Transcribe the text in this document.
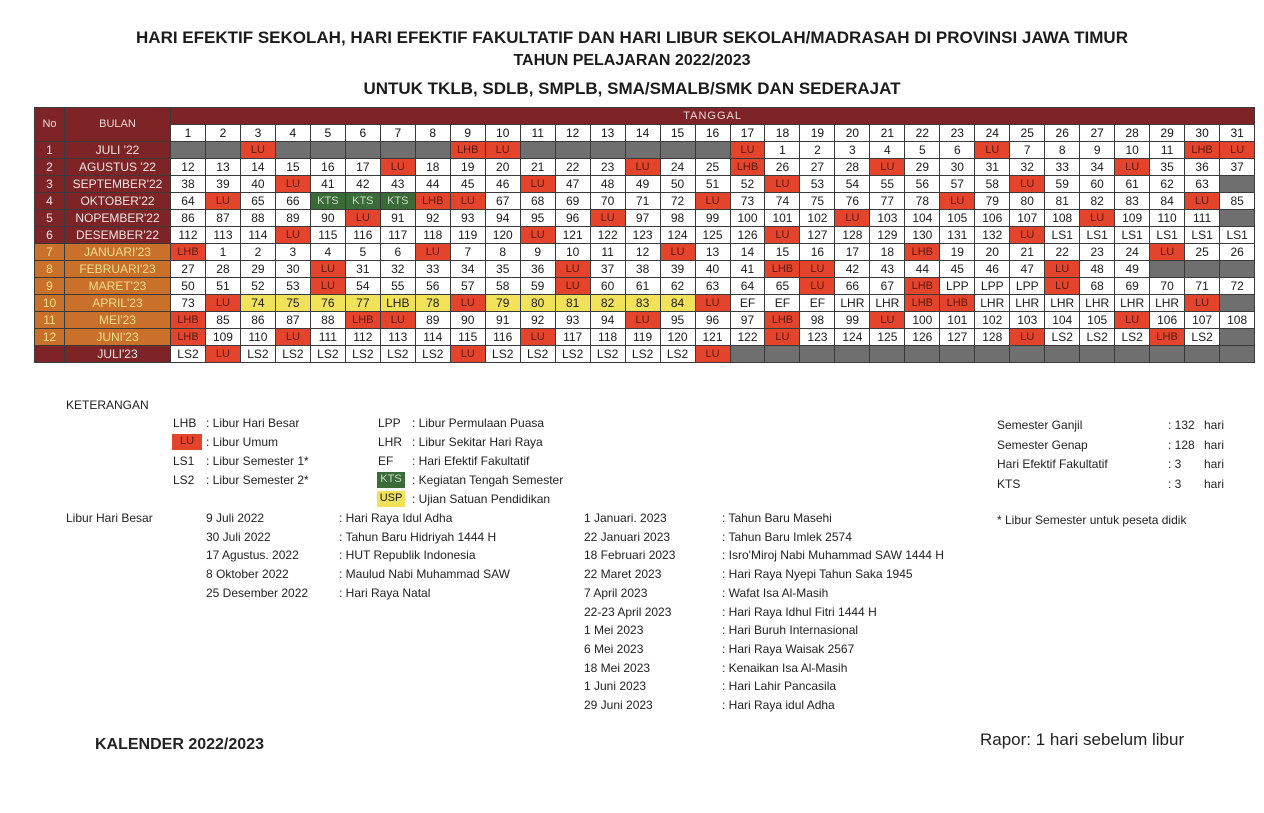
HARI EFEKTIF SEKOLAH, HARI EFEKTIF FAKULTATIF DAN HARI LIBUR SEKOLAH/MADRASAH DI PROVINSI JAWA TIMUR
TAHUN PELAJARAN 2022/2023
UNTUK TKLB, SDLB, SMPLB, SMA/SMALB/SMK DAN SEDERAJAT
No	BULAN	TANGGAL																														
		1	2	3	4	5	6	7	8	9	10	11	12	13	14	15	16	17	18	19	20	21	22	23	24	25	26	27	28	29	30	31
1	JULI '22			LU						LHB	LU							LU	1	2	3	4	5	6	LU	7	8	9	10	11	LHB	LU
2	AGUSTUS '22	12	13	14	15	16	17	LU	18	19	20	21	22	23	LU	24	25	LHB	26	27	28	LU	29	30	31	32	33	34	LU	35	36	37
3	SEPTEMBER'22	38	39	40	LU	41	42	43	44	45	46	LU	47	48	49	50	51	52	LU	53	54	55	56	57	58	LU	59	60	61	62	63	
4	OKTOBER'22	64	LU	65	66	KTS	KTS	KTS	LHB	LU	67	68	69	70	71	72	LU	73	74	75	76	77	78	LU	79	80	81	82	83	84	LU	85
5	NOPEMBER'22	86	87	88	89	90	LU	91	92	93	94	95	96	LU	97	98	99	100	101	102	LU	103	104	105	106	107	108	LU	109	110	111	
6	DESEMBER'22	112	113	114	LU	115	116	117	118	119	120	LU	121	122	123	124	125	126	LU	127	128	129	130	131	132	LU	LS1	LS1	LS1	LS1	LS1	LS1
7	JANUARI'23	LHB	1	2	3	4	5	6	LU	7	8	9	10	11	12	LU	13	14	15	16	17	18	LHB	19	20	21	22	23	24	LU	25	26
8	FEBRUARI'23	27	28	29	30	LU	31	32	33	34	35	36	LU	37	38	39	40	41	LHB	LU	42	43	44	45	46	47	LU	48	49			
9	MARET'23	50	51	52	53	LU	54	55	56	57	58	59	LU	60	61	62	63	64	65	LU	66	67	LHB	LPP	LPP	LPP	LU	68	69	70	71	72
10	APRIL'23	73	LU	74	75	76	77	LHB	78	LU	79	80	81	82	83	84	LU	EF	EF	EF	LHR	LHR	LHB	LHB	LHR	LHR	LHR	LHR	LHR	LHR	LU	
11	MEI'23	LHB	85	86	87	88	LHB	LU	89	90	91	92	93	94	LU	95	96	97	LHB	98	99	LU	100	101	102	103	104	105	LU	106	107	108
12	JUNI'23	LHB	109	110	LU	111	112	113	114	115	116	LU	117	118	119	120	121	122	LU	123	124	125	126	127	128	LU	LS2	LS2	LS2	LHB	LS2	
	JULI'23	LS2	LU	LS2	LS2	LS2	LS2	LS2	LS2	LU	LS2	LS2	LS2	LS2	LS2	LS2	LU															
KETERANGAN
LHB : Libur Hari Besar
LU : Libur Umum
LS1 : Libur Semester 1*
LS2 : Libur Semester 2*
LPP : Libur Permulaan Puasa
LHR : Libur Sekitar Hari Raya
EF : Hari Efektif Fakultatif
KTS : Kegiatan Tengah Semester
USP : Ujian Satuan Pendidikan
Semester Ganjil	: 132 hari
Semester Genap	: 128 hari
Hari Efektif Fakultatif	: 3 hari
KTS	: 3 hari
* Libur Semester untuk peseta didik
Libur Hari Besar	9 Juli 2022	: Hari Raya Idul Adha
30 Juli 2022	: Tahun Baru Hidriyah 1444 H
17 Agustus. 2022	: HUT Republik Indonesia
8 Oktober 2022	: Maulud Nabi Muhammad SAW
25 Desember 2022	: Hari Raya Natal
1 Januari. 2023	: Tahun Baru Masehi
22 Januari 2023	: Tahun Baru Imlek 2574
18 Februari 2023	: Isro'Miroj Nabi Muhammad SAW 1444 H
22 Maret 2023	: Hari Raya Nyepi Tahun Saka 1945
7 April 2023	: Wafat Isa Al-Masih
22-23 April 2023	: Hari Raya Idhul Fitri 1444 H
1 Mei 2023	: Hari Buruh Internasional
6 Mei 2023	: Hari Raya Waisak 2567
18 Mei 2023	: Kenaikan Isa Al-Masih
1 Juni 2023	: Hari Lahir Pancasila
29 Juni 2023	: Hari Raya idul Adha
KALENDER 2022/2023	Rapor: 1 hari sebelum libur
